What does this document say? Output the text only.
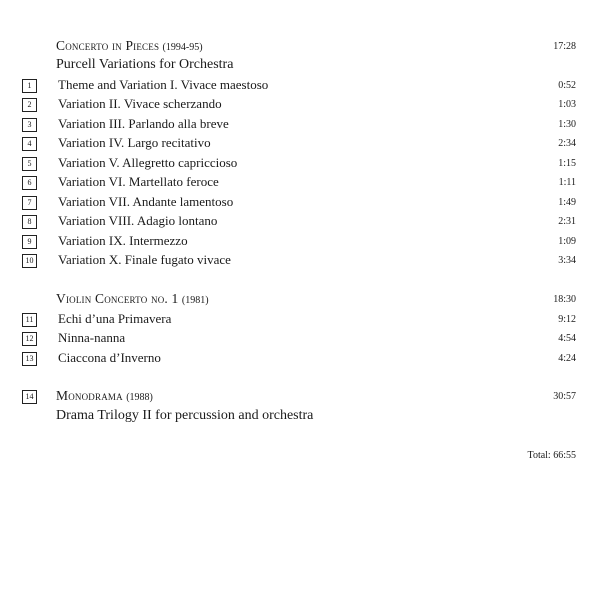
Concerto in Pieces (1994-95)	17:28
Purcell Variations for Orchestra
1	Theme and Variation I. Vivace maestoso	0:52
2	Variation II. Vivace scherzando	1:03
3	Variation III. Parlando alla breve	1:30
4	Variation IV. Largo recitativo	2:34
5	Variation V. Allegretto capriccioso	1:15
6	Variation VI. Martellato feroce	1:11
7	Variation VII. Andante lamentoso	1:49
8	Variation VIII. Adagio lontano	2:31
9	Variation IX. Intermezzo	1:09
10 Variation X. Finale fugato vivace	3:34
Violin Concerto no. 1 (1981)	18:30
11 Echi d’una Primavera	9:12
12 Ninna-nanna	4:54
13 Ciaccona d’Inverno	4:24
14 Monodrama (1988)	30:57
Drama Trilogy II for percussion and orchestra
Total: 66:55
